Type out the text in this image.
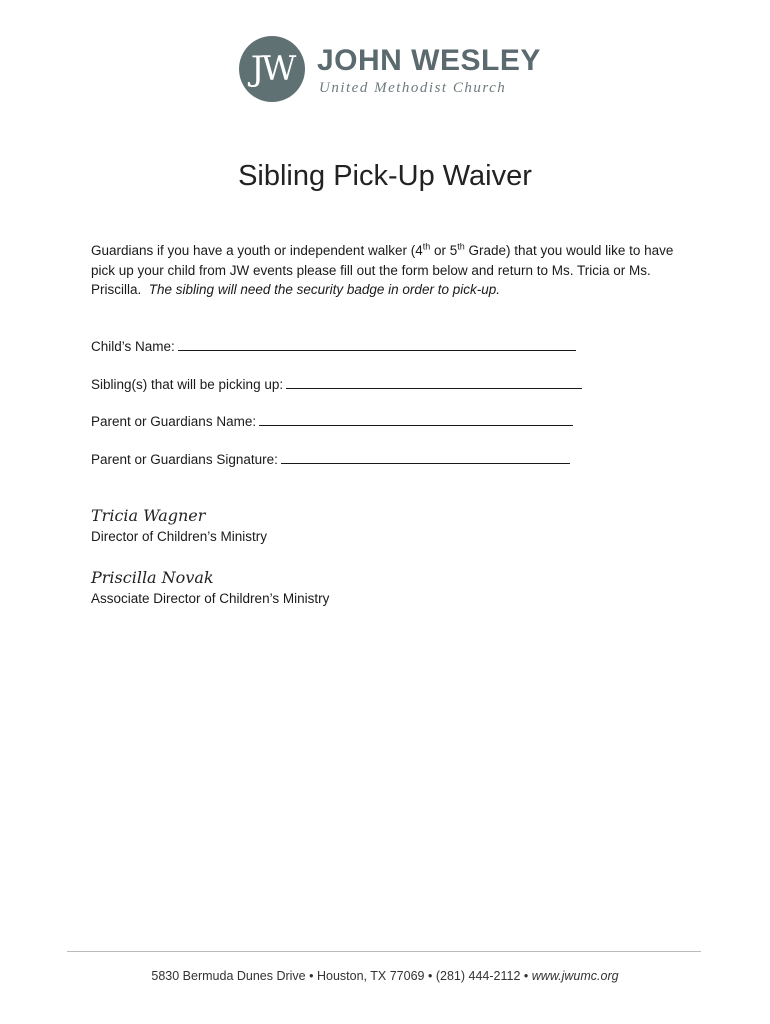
JW JOHN WESLEY
United Methodist Church
Sibling Pick-Up Waiver
Guardians if you have a youth or independent walker (4th or 5th Grade) that you would like to have pick up your child from JW events please fill out the form below and return to Ms. Tricia or Ms. Priscilla. The sibling will need the security badge in order to pick-up.
Child’s Name:
Sibling(s) that will be picking up:
Parent or Guardians Name:
Parent or Guardians Signature:
Tricia Wagner
Director of Children’s Ministry
Priscilla Novak
Associate Director of Children’s Ministry
5830 Bermuda Dunes Drive • Houston, TX 77069 • (281) 444-2112 • www.jwumc.org
